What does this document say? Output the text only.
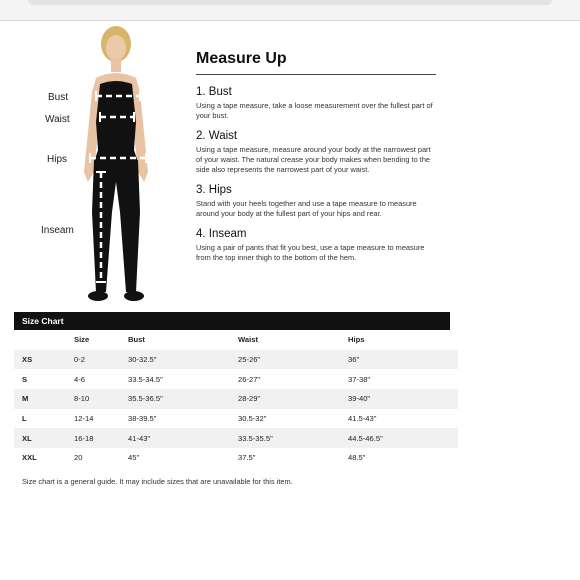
Bust
Waist
Hips
Inseam
Measure Up
1. Bust
Using a tape measure, take a loose measurement over the fullest part of your bust.
2. Waist
Using a tape measure, measure around your body at the narrowest part of your waist. The natural crease your body makes when bending to the side also represents the narrowest part of your waist.
3. Hips
Stand with your heels together and use a tape measure to measure around your body at the fullest part of your hips and rear.
4. Inseam
Using a pair of pants that fit you best, use a tape measure to measure from the top inner thigh to the bottom of the hem.
Size Chart
	Size	Bust	Waist	Hips
XS	0-2	30-32.5"	25-26"	36"
S	4-6	33.5-34.5"	26-27"	37-38"
M	8-10	35.5-36.5"	28-29"	39-40"
L	12-14	38-39.5"	30.5-32"	41.5-43"
XL	16-18	41-43"	33.5-35.5"	44.5-46.5"
XXL	20	45"	37.5"	48.5"
Size chart is a general guide. It may include sizes that are unavailable for this item.
